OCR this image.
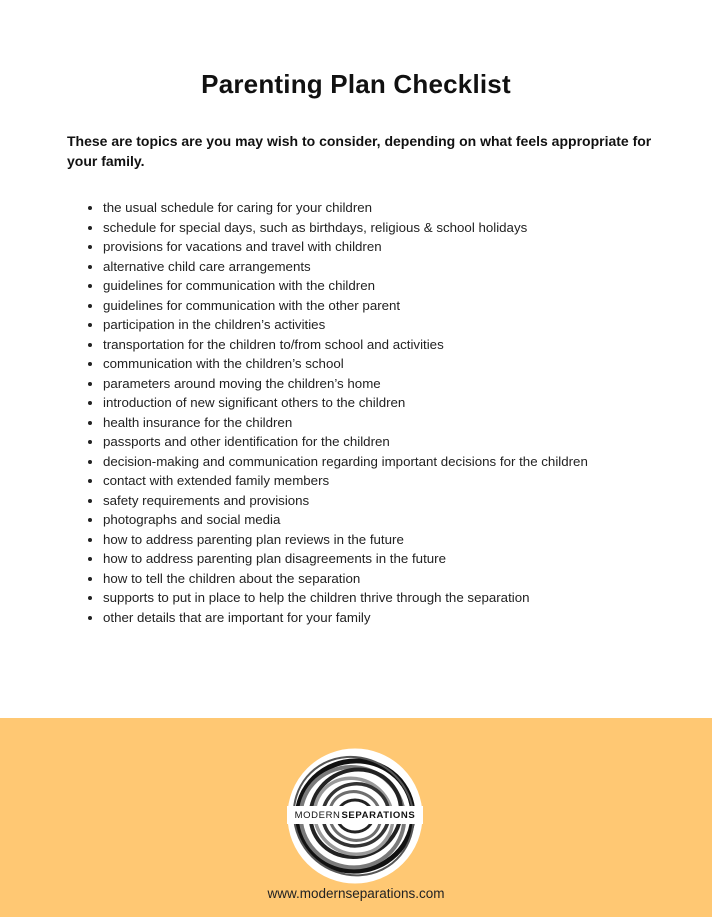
Parenting Plan Checklist
These are topics are you may wish to consider, depending on what feels appropriate for your family.
• the usual schedule for caring for your children
• schedule for special days, such as birthdays, religious & school holidays
• provisions for vacations and travel with children
• alternative child care arrangements
• guidelines for communication with the children
• guidelines for communication with the other parent
• participation in the children’s activities
• transportation for the children to/from school and activities
• communication with the children’s school
• parameters around moving the children’s home
• introduction of new significant others to the children
• health insurance for the children
• passports and other identification for the children
• decision-making and communication regarding important decisions for the children
• contact with extended family members
• safety requirements and provisions
• photographs and social media
• how to address parenting plan reviews in the future
• how to address parenting plan disagreements in the future
• how to tell the children about the separation
• supports to put in place to help the children thrive through the separation
• other details that are important for your family
MODERN SEPARATIONS
www.modernseparations.com
